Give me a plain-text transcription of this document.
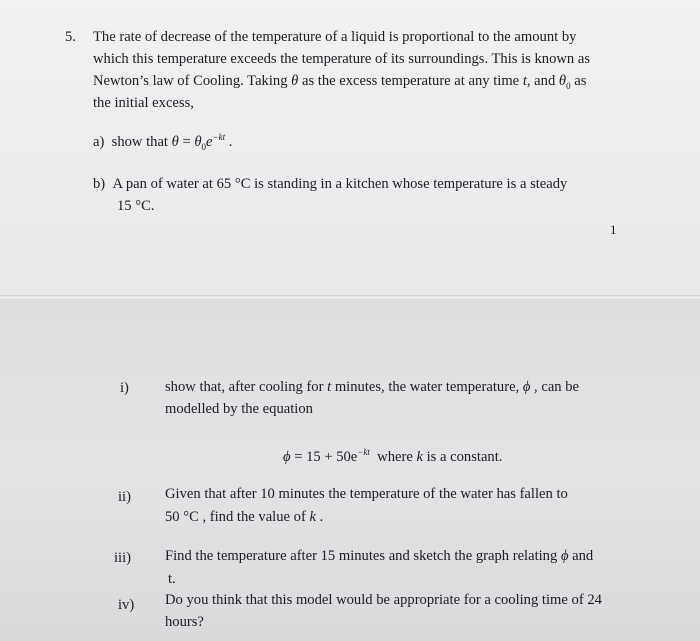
5. The rate of decrease of the temperature of a liquid is proportional to the amount by
which this temperature exceeds the temperature of its surroundings. This is known as
Newton’s law of Cooling. Taking θ as the excess temperature at any time t, and $\theta_0$ as
the initial excess,
a) show that $\theta = \theta_0e^{-kt}$ .
b) A pan of water at 65 °C is standing in a kitchen whose temperature is a steady
15 °C.
1
i) show that, after cooling for t minutes, the water temperature, ϕ , can be
modelled by the equation
$\phi = 15 + 50e^{-kt}$ where k is a constant.
ii) Given that after 10 minutes the temperature of the water has fallen to
50 °C , find the value of k .
iii) Find the temperature after 15 minutes and sketch the graph relating ϕ and
t.
iv) Do you think that this model would be appropriate for a cooling time of 24
hours?
